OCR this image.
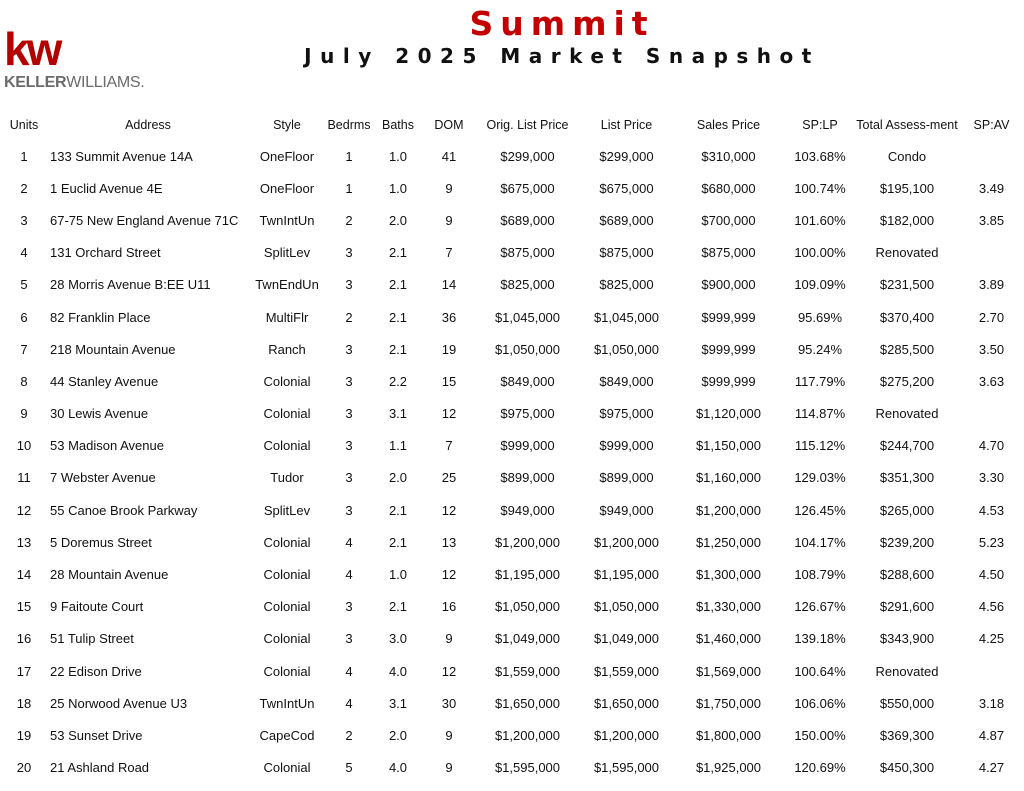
kw
KELLERWILLIAMS.
Summit
July 2025 Market Snapshot
Units	Address	Style	Bedrms	Baths	DOM	Orig. List Price	List Price	Sales Price	SP:LP	Total Assess-ment	SP:AV
1	133 Summit Avenue 14A	OneFloor	1	1.0	41	$299,000	$299,000	$310,000	103.68%	Condo	
2	1 Euclid Avenue 4E	OneFloor	1	1.0	9	$675,000	$675,000	$680,000	100.74%	$195,100	3.49
3	67-75 New England Avenue 71C	TwnIntUn	2	2.0	9	$689,000	$689,000	$700,000	101.60%	$182,000	3.85
4	131 Orchard Street	SplitLev	3	2.1	7	$875,000	$875,000	$875,000	100.00%	Renovated	
5	28 Morris Avenue B:EE U11	TwnEndUn	3	2.1	14	$825,000	$825,000	$900,000	109.09%	$231,500	3.89
6	82 Franklin Place	MultiFlr	2	2.1	36	$1,045,000	$1,045,000	$999,999	95.69%	$370,400	2.70
7	218 Mountain Avenue	Ranch	3	2.1	19	$1,050,000	$1,050,000	$999,999	95.24%	$285,500	3.50
8	44 Stanley Avenue	Colonial	3	2.2	15	$849,000	$849,000	$999,999	117.79%	$275,200	3.63
9	30 Lewis Avenue	Colonial	3	3.1	12	$975,000	$975,000	$1,120,000	114.87%	Renovated	
10	53 Madison Avenue	Colonial	3	1.1	7	$999,000	$999,000	$1,150,000	115.12%	$244,700	4.70
11	7 Webster Avenue	Tudor	3	2.0	25	$899,000	$899,000	$1,160,000	129.03%	$351,300	3.30
12	55 Canoe Brook Parkway	SplitLev	3	2.1	12	$949,000	$949,000	$1,200,000	126.45%	$265,000	4.53
13	5 Doremus Street	Colonial	4	2.1	13	$1,200,000	$1,200,000	$1,250,000	104.17%	$239,200	5.23
14	28 Mountain Avenue	Colonial	4	1.0	12	$1,195,000	$1,195,000	$1,300,000	108.79%	$288,600	4.50
15	9 Faitoute Court	Colonial	3	2.1	16	$1,050,000	$1,050,000	$1,330,000	126.67%	$291,600	4.56
16	51 Tulip Street	Colonial	3	3.0	9	$1,049,000	$1,049,000	$1,460,000	139.18%	$343,900	4.25
17	22 Edison Drive	Colonial	4	4.0	12	$1,559,000	$1,559,000	$1,569,000	100.64%	Renovated	
18	25 Norwood Avenue U3	TwnIntUn	4	3.1	30	$1,650,000	$1,650,000	$1,750,000	106.06%	$550,000	3.18
19	53 Sunset Drive	CapeCod	2	2.0	9	$1,200,000	$1,200,000	$1,800,000	150.00%	$369,300	4.87
20	21 Ashland Road	Colonial	5	4.0	9	$1,595,000	$1,595,000	$1,925,000	120.69%	$450,300	4.27
